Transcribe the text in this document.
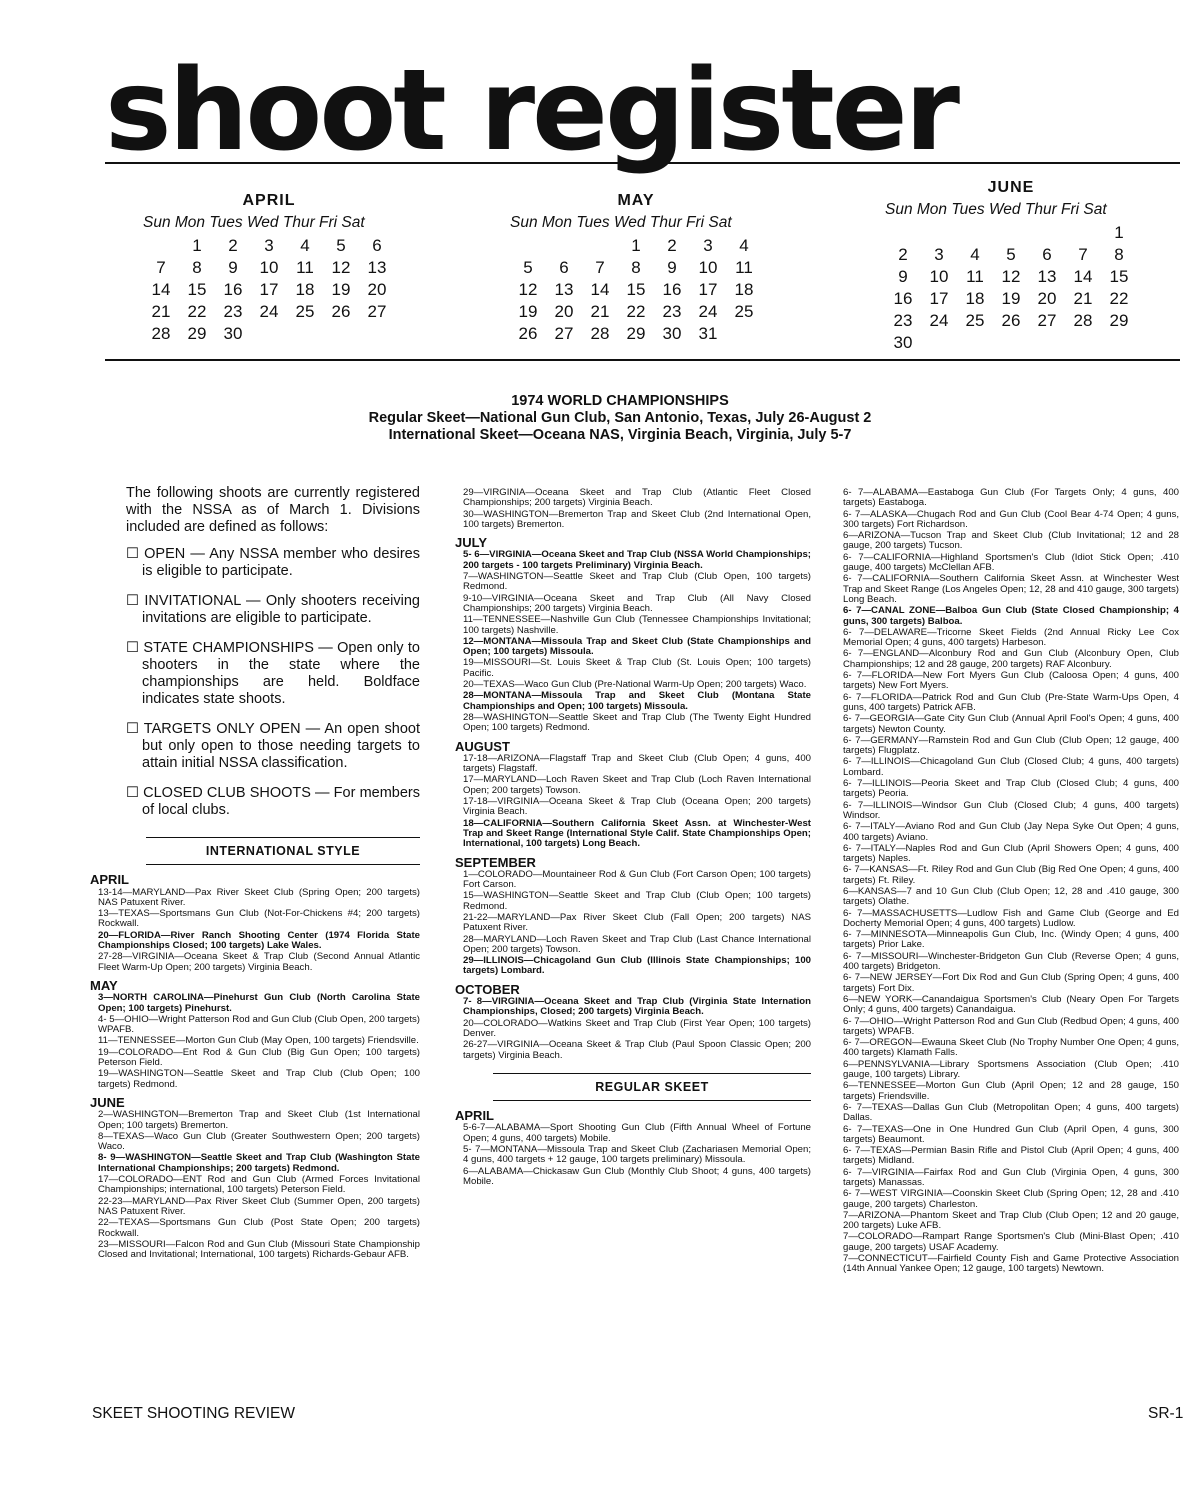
shoot register
APRIL
Sun Mon Tues Wed Thur Fri Sat
	1	2	3	4	5	6
7	8	9	10	11	12	13
14	15	16	17	18	19	20
21	22	23	24	25	26	27
28	29	30				
MAY
Sun Mon Tues Wed Thur Fri Sat
			1	2	3	4
5	6	7	8	9	10	11
12	13	14	15	16	17	18
19	20	21	22	23	24	25
26	27	28	29	30	31	
JUNE
Sun Mon Tues Wed Thur Fri Sat
						1
2	3	4	5	6	7	8
9	10	11	12	13	14	15
16	17	18	19	20	21	22
23	24	25	26	27	28	29
30						
1974 WORLD CHAMPIONSHIPS
Regular Skeet—National Gun Club, San Antonio, Texas, July 26-August 2
International Skeet—Oceana NAS, Virginia Beach, Virginia, July 5-7

The following shoots are currently registered with the NSSA as of March 1. Divisions included are defined as follows:

☐ OPEN — Any NSSA member who desires is eligible to participate.

☐ INVITATIONAL — Only shooters receiving invitations are eligible to participate.

☐ STATE CHAMPIONSHIPS — Open only to shooters in the state where the championships are held. Boldface indicates state shoots.

☐ TARGETS ONLY OPEN — An open shoot but only open to those needing targets to attain initial NSSA classification.

☐ CLOSED CLUB SHOOTS — For members of local clubs.

INTERNATIONAL STYLE
APRIL
13-14—MARYLAND—Pax River Skeet Club (Spring Open; 200 targets) NAS Patuxent River.
13—TEXAS—Sportsmans Gun Club (Not-For-Chickens #4; 200 targets) Rockwall.
20—FLORIDA—River Ranch Shooting Center (1974 Florida State Championships Closed; 100 targets) Lake Wales.
27-28—VIRGINIA—Oceana Skeet & Trap Club (Second Annual Atlantic Fleet Warm-Up Open; 200 targets) Virginia Beach.
MAY
3—NORTH CAROLINA—Pinehurst Gun Club (North Carolina State Open; 100 targets) Pinehurst.
4- 5—OHIO—Wright Patterson Rod and Gun Club (Club Open, 200 targets) WPAFB.
11—TENNESSEE—Morton Gun Club (May Open, 100 targets) Friendsville.
19—COLORADO—Ent Rod & Gun Club (Big Gun Open; 100 targets) Peterson Field.
19—WASHINGTON—Seattle Skeet and Trap Club (Club Open; 100 targets) Redmond.
JUNE
2—WASHINGTON—Bremerton Trap and Skeet Club (1st International Open; 100 targets) Bremerton.
8—TEXAS—Waco Gun Club (Greater Southwestern Open; 200 targets) Waco.
8- 9—WASHINGTON—Seattle Skeet and Trap Club (Washington State International Championships; 200 targets) Redmond.
17—COLORADO—ENT Rod and Gun Club (Armed Forces Invitational Championships; international, 100 targets) Peterson Field.
22-23—MARYLAND—Pax River Skeet Club (Summer Open, 200 targets) NAS Patuxent River.
22—TEXAS—Sportsmans Gun Club (Post State Open; 200 targets) Rockwall.
23—MISSOURI—Falcon Rod and Gun Club (Missouri State Championship Closed and Invitational; International, 100 targets) Richards-Gebaur AFB.
29—VIRGINIA—Oceana Skeet and Trap Club (Atlantic Fleet Closed Championships; 200 targets) Virginia Beach.
30—WASHINGTON—Bremerton Trap and Skeet Club (2nd International Open, 100 targets) Bremerton.
JULY
5- 6—VIRGINIA—Oceana Skeet and Trap Club (NSSA World Championships; 200 targets - 100 targets Preliminary) Virginia Beach.
7—WASHINGTON—Seattle Skeet and Trap Club (Club Open, 100 targets) Redmond.
9-10—VIRGINIA—Oceana Skeet and Trap Club (All Navy Closed Championships; 200 targets) Virginia Beach.
11—TENNESSEE—Nashville Gun Club (Tennessee Championships Invitational; 100 targets) Nashville.
12—MONTANA—Missoula Trap and Skeet Club (State Championships and Open; 100 targets) Missoula.
19—MISSOURI—St. Louis Skeet & Trap Club (St. Louis Open; 100 targets) Pacific.
20—TEXAS—Waco Gun Club (Pre-National Warm-Up Open; 200 targets) Waco.
28—MONTANA—Missoula Trap and Skeet Club (Montana State Championships and Open; 100 targets) Missoula.
28—WASHINGTON—Seattle Skeet and Trap Club (The Twenty Eight Hundred Open; 100 targets) Redmond.
AUGUST
17-18—ARIZONA—Flagstaff Trap and Skeet Club (Club Open; 4 guns, 400 targets) Flagstaff.
17—MARYLAND—Loch Raven Skeet and Trap Club (Loch Raven International Open; 200 targets) Towson.
17-18—VIRGINIA—Oceana Skeet & Trap Club (Oceana Open; 200 targets) Virginia Beach.
18—CALIFORNIA—Southern California Skeet Assn. at Winchester-West Trap and Skeet Range (International Style Calif. State Championships Open; International, 100 targets) Long Beach.
SEPTEMBER
1—COLORADO—Mountaineer Rod & Gun Club (Fort Carson Open; 100 targets) Fort Carson.
15—WASHINGTON—Seattle Skeet and Trap Club (Club Open; 100 targets) Redmond.
21-22—MARYLAND—Pax River Skeet Club (Fall Open; 200 targets) NAS Patuxent River.
28—MARYLAND—Loch Raven Skeet and Trap Club (Last Chance International Open; 200 targets) Towson.
29—ILLINOIS—Chicagoland Gun Club (Illinois State Championships; 100 targets) Lombard.
OCTOBER
7- 8—VIRGINIA—Oceana Skeet and Trap Club (Virginia State Internation Championships, Closed; 200 targets) Virginia Beach.
20—COLORADO—Watkins Skeet and Trap Club (First Year Open; 100 targets) Denver.
26-27—VIRGINIA—Oceana Skeet & Trap Club (Paul Spoon Classic Open; 200 targets) Virginia Beach.
REGULAR SKEET
APRIL
5-6-7—ALABAMA—Sport Shooting Gun Club (Fifth Annual Wheel of Fortune Open; 4 guns, 400 targets) Mobile.
5- 7—MONTANA—Missoula Trap and Skeet Club (Zachariasen Memorial Open; 4 guns, 400 targets + 12 gauge, 100 targets preliminary) Missoula.
6—ALABAMA—Chickasaw Gun Club (Monthly Club Shoot; 4 guns, 400 targets) Mobile.
6- 7—ALABAMA—Eastaboga Gun Club (For Targets Only; 4 guns, 400 targets) Eastaboga.
6- 7—ALASKA—Chugach Rod and Gun Club (Cool Bear 4-74 Open; 4 guns, 300 targets) Fort Richardson.
6—ARIZONA—Tucson Trap and Skeet Club (Club Invitational; 12 and 28 gauge, 200 targets) Tucson.
6- 7—CALIFORNIA—Highland Sportsmen's Club (Idiot Stick Open; .410 gauge, 400 targets) McClellan AFB.
6- 7—CALIFORNIA—Southern California Skeet Assn. at Winchester West Trap and Skeet Range (Los Angeles Open; 12, 28 and 410 gauge, 300 targets) Long Beach.
6- 7—CANAL ZONE—Balboa Gun Club (State Closed Championship; 4 guns, 300 targets) Balboa.
6- 7—DELAWARE—Tricorne Skeet Fields (2nd Annual Ricky Lee Cox Memorial Open; 4 guns, 400 targets) Harbeson.
6- 7—ENGLAND—Alconbury Rod and Gun Club (Alconbury Open, Club Championships; 12 and 28 gauge, 200 targets) RAF Alconbury.
6- 7—FLORIDA—New Fort Myers Gun Club (Caloosa Open; 4 guns, 400 targets) New Fort Myers.
6- 7—FLORIDA—Patrick Rod and Gun Club (Pre-State Warm-Ups Open, 4 guns, 400 targets) Patrick AFB.
6- 7—GEORGIA—Gate City Gun Club (Annual April Fool's Open; 4 guns, 400 targets) Newton County.
6- 7—GERMANY—Ramstein Rod and Gun Club (Club Open; 12 gauge, 400 targets) Flugplatz.
6- 7—ILLINOIS—Chicagoland Gun Club (Closed Club; 4 guns, 400 targets) Lombard.
6- 7—ILLINOIS—Peoria Skeet and Trap Club (Closed Club; 4 guns, 400 targets) Peoria.
6- 7—ILLINOIS—Windsor Gun Club (Closed Club; 4 guns, 400 targets) Windsor.
6- 7—ITALY—Aviano Rod and Gun Club (Jay Nepa Syke Out Open; 4 guns, 400 targets) Aviano.
6- 7—ITALY—Naples Rod and Gun Club (April Showers Open; 4 guns, 400 targets) Naples.
6- 7—KANSAS—Ft. Riley Rod and Gun Club (Big Red One Open; 4 guns, 400 targets) Ft. Riley.
6—KANSAS—7 and 10 Gun Club (Club Open; 12, 28 and .410 gauge, 300 targets) Olathe.
6- 7—MASSACHUSETTS—Ludlow Fish and Game Club (George and Ed Docherty Memorial Open; 4 guns, 400 targets) Ludlow.
6- 7—MINNESOTA—Minneapolis Gun Club, Inc. (Windy Open; 4 guns, 400 targets) Prior Lake.
6- 7—MISSOURI—Winchester-Bridgeton Gun Club (Reverse Open; 4 guns, 400 targets) Bridgeton.
6- 7—NEW JERSEY—Fort Dix Rod and Gun Club (Spring Open; 4 guns, 400 targets) Fort Dix.
6—NEW YORK—Canandaigua Sportsmen's Club (Neary Open For Targets Only; 4 guns, 400 targets) Canandaigua.
6- 7—OHIO—Wright Patterson Rod and Gun Club (Redbud Open; 4 guns, 400 targets) WPAFB.
6- 7—OREGON—Ewauna Skeet Club (No Trophy Number One Open; 4 guns, 400 targets) Klamath Falls.
6—PENNSYLVANIA—Library Sportsmens Association (Club Open; .410 gauge, 100 targets) Library.
6—TENNESSEE—Morton Gun Club (April Open; 12 and 28 gauge, 150 targets) Friendsville.
6- 7—TEXAS—Dallas Gun Club (Metropolitan Open; 4 guns, 400 targets) Dallas.
6- 7—TEXAS—One in One Hundred Gun Club (April Open, 4 guns, 300 targets) Beaumont.
6- 7—TEXAS—Permian Basin Rifle and Pistol Club (April Open; 4 guns, 400 targets) Midland.
6- 7—VIRGINIA—Fairfax Rod and Gun Club (Virginia Open, 4 guns, 300 targets) Manassas.
6- 7—WEST VIRGINIA—Coonskin Skeet Club (Spring Open; 12, 28 and .410 gauge, 200 targets) Charleston.
7—ARIZONA—Phantom Skeet and Trap Club (Club Open; 12 and 20 gauge, 200 targets) Luke AFB.
7—COLORADO—Rampart Range Sportsmen's Club (Mini-Blast Open; .410 gauge, 200 targets) USAF Academy.
7—CONNECTICUT—Fairfield County Fish and Game Protective Association (14th Annual Yankee Open; 12 gauge, 100 targets) Newtown.
SKEET SHOOTING REVIEW	SR-1
